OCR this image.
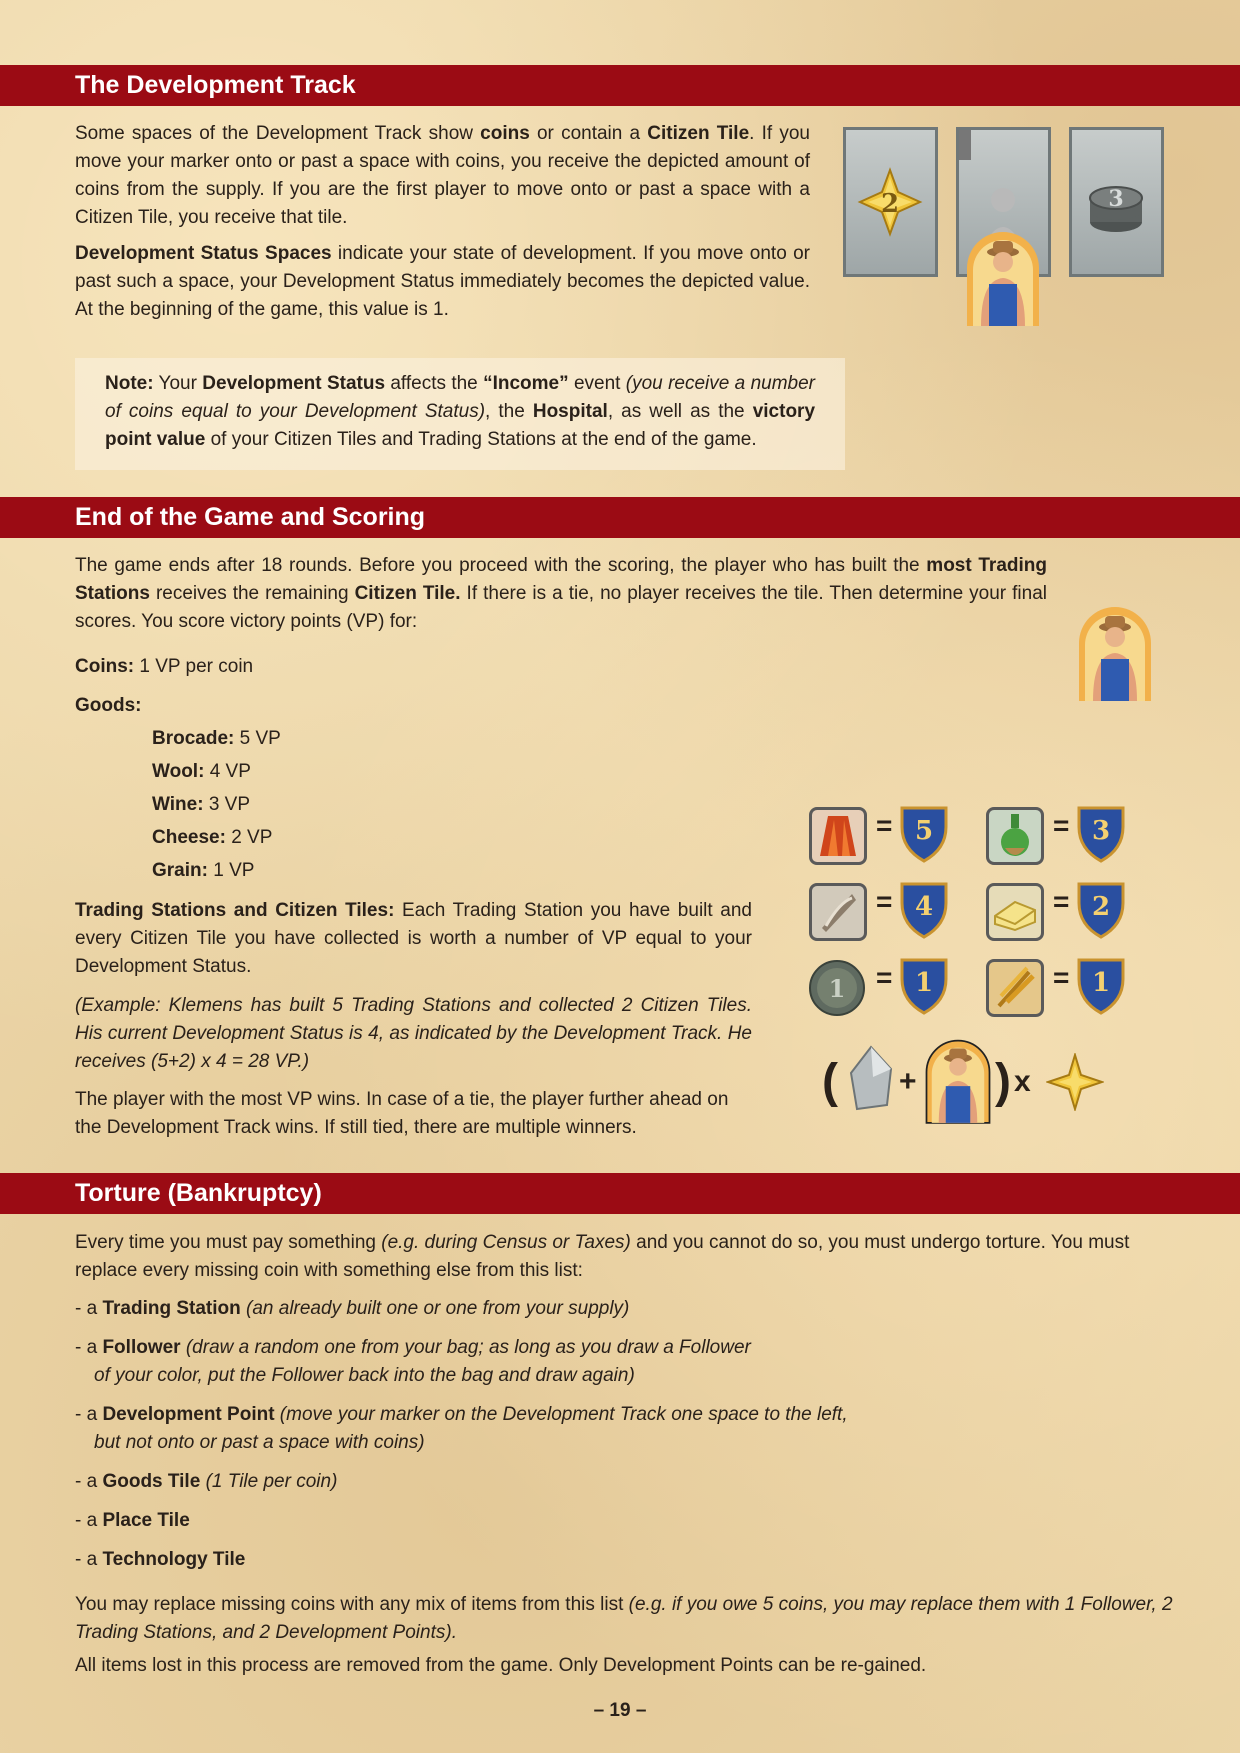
The Development Track

Some spaces of the Development Track show coins or contain a Citizen Tile. If you move your marker onto or past a space with coins, you receive the depicted amount of coins from the supply. If you are the first player to move onto or past a space with a Citizen Tile, you receive that tile.

Development Status Spaces indicate your state of development. If you move onto or past such a space, your Development Status immediately becomes the depicted value. At the beginning of the game, this value is 1.

2	3

Note: Your Development Status affects the “Income” event (you receive a number of coins equal to your Development Status), the Hospital, as well as the victory point value of your Citizen Tiles and Trading Stations at the end of the game.

End of the Game and Scoring

The game ends after 18 rounds. Before you proceed with the scoring, the player who has built the most Trading Stations receives the remaining Citizen Tile. If there is a tie, no player receives the tile. Then determine your final scores. You score victory points (VP) for:

Coins: 1 VP per coin

Goods:

Brocade: 5 VP

Wool: 4 VP

Wine: 3 VP

Cheese: 2 VP

Grain: 1 VP

Trading Stations and Citizen Tiles: Each Trading Station you have built and every Citizen Tile you have collected is worth a number of VP equal to your Development Status.

(Example: Klemens has built 5 Trading Stations and collected 2 Citizen Tiles. His current Development Status is 4, as indicated by the Development Track. He receives (5+2) x 4 = 28 VP.)

The player with the most VP wins. In case of a tie, the player further ahead on the Development Track wins. If still tied, there are multiple winners.

= 5	= 3
= 4	= 2
1 = 1	= 1
( + ) x
Torture (Bankruptcy)

Every time you must pay something (e.g. during Census or Taxes) and you cannot do so, you must undergo torture. You must replace every missing coin with something else from this list:

- a Trading Station (an already built one or one from your supply)

- a Follower (draw a random one from your bag; as long as you draw a Follower
of your color, put the Follower back into the bag and draw again)

- a Development Point (move your marker on the Development Track one space to the left,
but not onto or past a space with coins)

- a Goods Tile (1 Tile per coin)

- a Place Tile

- a Technology Tile

You may replace missing coins with any mix of items from this list (e.g. if you owe 5 coins, you may replace them with 1 Follower, 2 Trading Stations, and 2 Development Points).

All items lost in this process are removed from the game. Only Development Points can be re-gained.

– 19 –
